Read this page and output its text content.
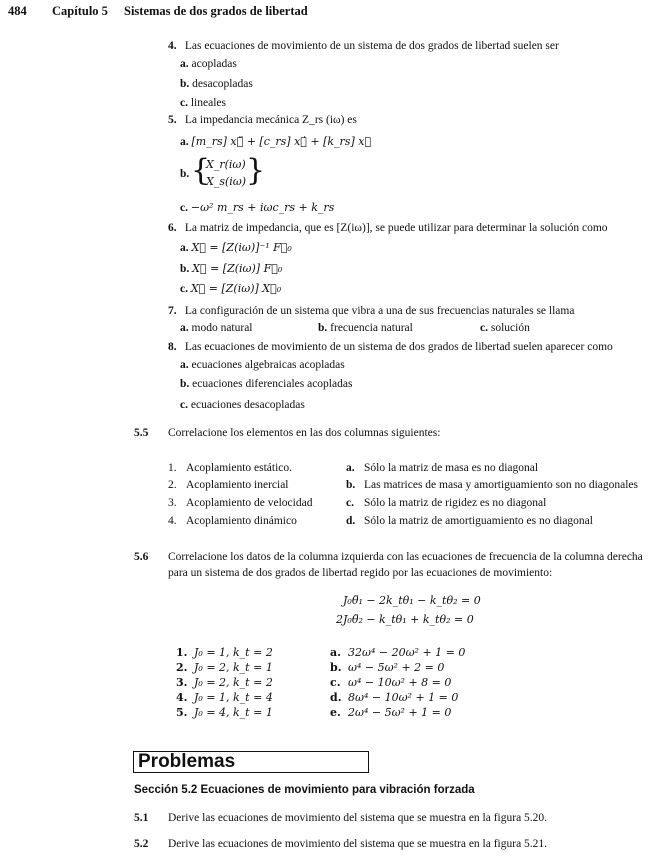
484 Capítulo 5 Sistemas de dos grados de libertad
4. Las ecuaciones de movimiento de un sistema de dos grados de libertad suelen ser
a. acopladas
b. desacopladas
c. lineales
5. La impedancia mecánica Z_rs (iω) es
a. [m_rs] x⃗̈ + [c_rs] x⃗̇ + [k_rs] x⃗
b. {
X_r(iω)
X_s(iω) }
c. −ω² m_rs + iωc_rs + k_rs
6. La matriz de impedancia, que es [Z(iω)], se puede utilizar para determinar la solución como
a. X⃗ = [Z(iω)]⁻¹ F⃗₀
b. X⃗ = [Z(iω)] F⃗₀
c. X⃗ = [Z(iω)] X⃗₀
7. La configuración de un sistema que vibra a una de sus frecuencias naturales se llama
a. modo natural	b. frecuencia natural	c. solución
8. Las ecuaciones de movimiento de un sistema de dos grados de libertad suelen aparecer como
a. ecuaciones algebraicas acopladas
b. ecuaciones diferenciales acopladas
c. ecuaciones desacopladas
5.5 Correlacione los elementos en las dos columnas siguientes:
1. Acoplamiento estático.
2. Acoplamiento inercial
3. Acoplamiento de velocidad
4. Acoplamiento dinámico
a. Sólo la matriz de masa es no diagonal
b. Las matrices de masa y amortiguamiento son no diagonales
c. Sólo la matriz de rigidez es no diagonal
d. Sólo la matriz de amortiguamiento es no diagonal
5.6 Correlacione los datos de la columna izquierda con las ecuaciones de frecuencia de la columna derecha
para un sistema de dos grados de libertad regido por las ecuaciones de movimiento:
J₀θ̈₁ − 2k_tθ₁ − k_tθ₂ = 0
2J₀θ̈₂ − k_tθ₁ + k_tθ₂ = 0
1. J₀ = 1, k_t = 2
2. J₀ = 2, k_t = 1
3. J₀ = 2, k_t = 2
4. J₀ = 1, k_t = 4
5. J₀ = 4, k_t = 1
a. 32ω⁴ − 20ω² + 1 = 0
b. ω⁴ − 5ω² + 2 = 0
c. ω⁴ − 10ω² + 8 = 0
d. 8ω⁴ − 10ω² + 1 = 0
e. 2ω⁴ − 5ω² + 1 = 0
Problemas
Sección 5.2 Ecuaciones de movimiento para vibración forzada
5.1 Derive las ecuaciones de movimiento del sistema que se muestra en la figura 5.20.
5.2 Derive las ecuaciones de movimiento del sistema que se muestra en la figura 5.21.
